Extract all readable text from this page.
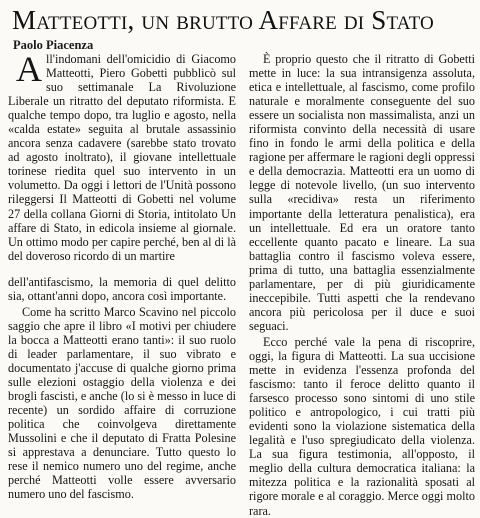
Matteotti, un brutto Affare di Stato
Paolo Piacenza

All'indomani dell'omicidio di Giacomo Matteotti, Piero Gobetti pubblicò sul suo settimanale La Rivoluzione Liberale un ritratto del deputato riformista. E qualche tempo dopo, tra luglio e agosto, nella «calda estate» seguita al brutale assassinio ancora senza cadavere (sarebbe stato trovato ad agosto inoltrato), il giovane intellettuale torinese riedita quel suo intervento in un volumetto. Da oggi i lettori de l'Unità possono rileggersi Il Matteotti di Gobetti nel volume 27 della collana Giorni di Storia, intitolato Un affare di Stato, in edicola insieme al giornale. Un ottimo modo per capire perché, ben al di là del doveroso ricordo di un martire

dell'antifascismo, la memoria di quel delitto sia, ottant'anni dopo, ancora così importante.

Come ha scritto Marco Scavino nel piccolo saggio che apre il libro «I motivi per chiudere la bocca a Matteotti erano tanti»: il suo ruolo di leader parlamentare, il suo vibrato e documentato j'accuse di qualche giorno prima sulle elezioni ostaggio della violenza e dei brogli fascisti, e anche (lo si è messo in luce di recente) un sordido affaire di corruzione politica che coinvolgeva direttamente Mussolini e che il deputato di Fratta Polesine si apprestava a denunciare. Tutto questo lo rese il nemico numero uno del regime, anche perché Matteotti volle essere avversario numero uno del fascismo.

È proprio questo che il ritratto di Gobetti mette in luce: la sua intransigenza assoluta, etica e intellettuale, al fascismo, come profilo naturale e moralmente conseguente del suo essere un socialista non massimalista, anzi un riformista convinto della necessità di usare fino in fondo le armi della politica e della ragione per affermare le ragioni degli oppressi e della democrazia. Matteotti era un uomo di legge di notevole livello, (un suo intervento sulla «recidiva» resta un riferimento importante della letteratura penalistica), era un intellettuale. Ed era un oratore tanto eccellente quanto pacato e lineare. La sua battaglia contro il fascismo voleva essere, prima di tutto, una battaglia essenzialmente parlamentare, per di più giuridicamente ineccepibile. Tutti aspetti che la rendevano ancora più pericolosa per il duce e suoi seguaci.

Ecco perché vale la pena di riscoprire, oggi, la figura di Matteotti. La sua uccisione mette in evidenza l'essenza profonda del fascismo: tanto il feroce delitto quanto il farsesco processo sono sintomi di uno stile politico e antropologico, i cui tratti più evidenti sono la violazione sistematica della legalità e l'uso spregiudicato della violenza. La sua figura testimonia, all'opposto, il meglio della cultura democratica italiana: la mitezza politica e la razionalità sposati al rigore morale e al coraggio. Merce oggi molto rara.
